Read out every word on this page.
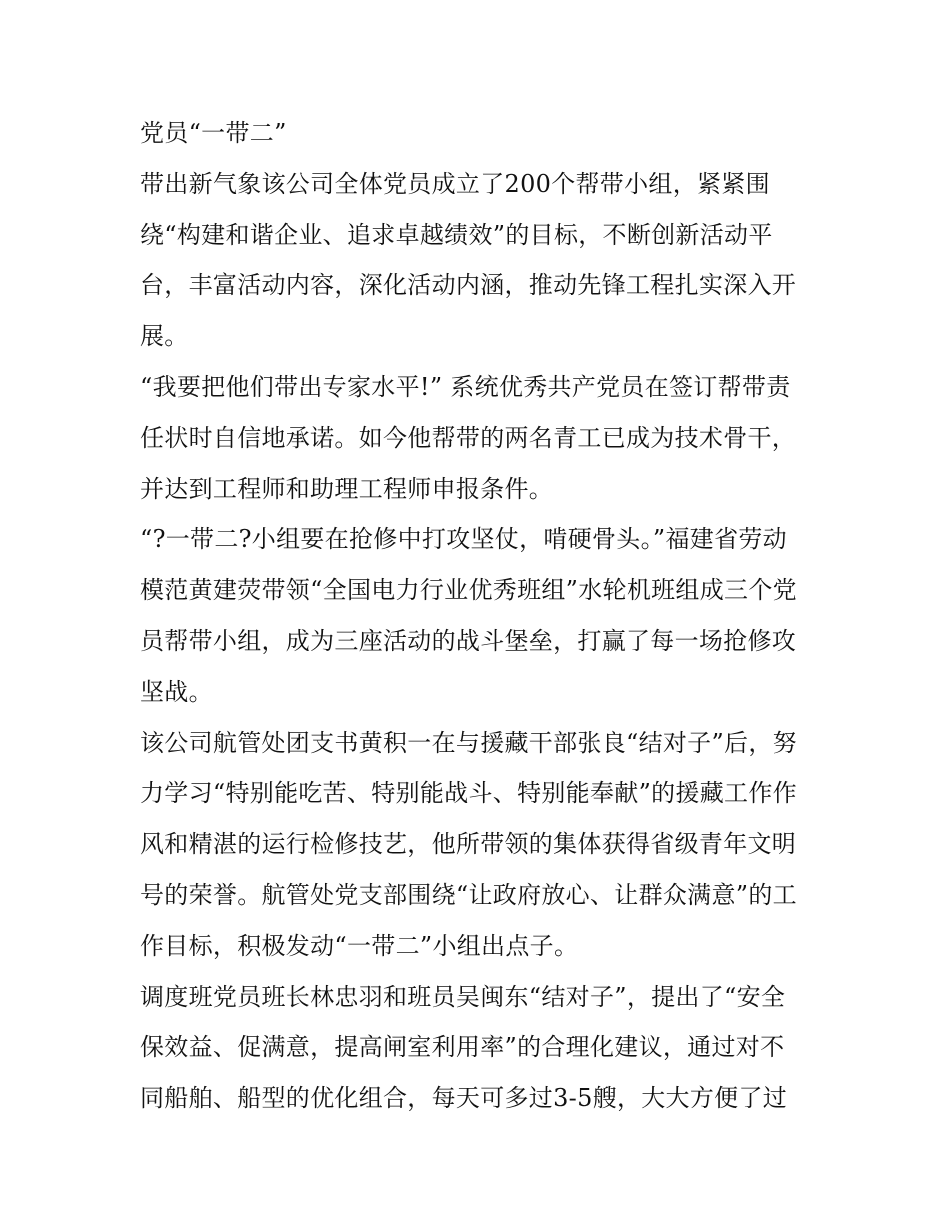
党员“一带二”
带出新气象该公司全体党员成立了200个帮带小组，紧紧围
绕“构建和谐企业、追求卓越绩效”的目标，不断创新活动平
台，丰富活动内容，深化活动内涵，推动先锋工程扎实深入开
展。
“我要把他们带出专家水平!” 系统优秀共产党员在签订帮带责
任状时自信地承诺。如今他帮带的两名青工已成为技术骨干，
并达到工程师和助理工程师申报条件。
“?一带二?小组要在抢修中打攻坚仗，啃硬骨头。”福建省劳动
模范黄建荧带领“全国电力行业优秀班组”水轮机班组成三个党
员帮带小组，成为三座活动的战斗堡垒，打赢了每一场抢修攻
坚战。
该公司航管处团支书黄积一在与援藏干部张良“结对子”后，努
力学习“特别能吃苦、特别能战斗、特别能奉献”的援藏工作作
风和精湛的运行检修技艺，他所带领的集体获得省级青年文明
号的荣誉。航管处党支部围绕“让政府放心、让群众满意”的工
作目标，积极发动“一带二”小组出点子。
调度班党员班长林忠羽和班员吴闽东“结对子”，提出了“安全
保效益、促满意，提高闸室利用率”的合理化建议，通过对不
同船舶、船型的优化组合，每天可多过3-5艘，大大方便了过
